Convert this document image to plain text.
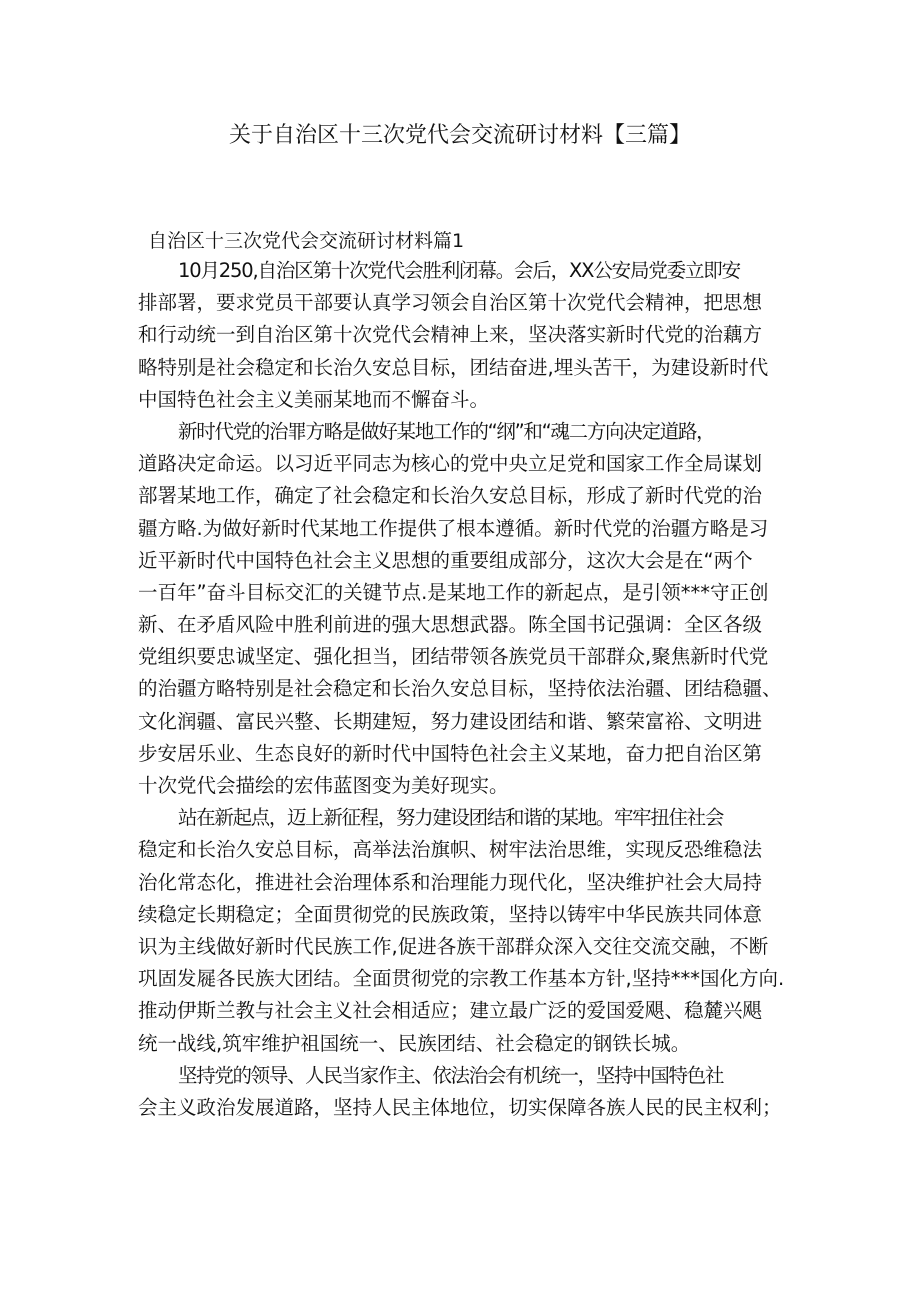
关于自治区十三次党代会交流研讨材料【三篇】
自治区十三次党代会交流研讨材料篇1
10月250,自治区第十次党代会胜利闭幕。会后，XX公安局党委立即安
排部署，要求党员干部要认真学习领会自治区第十次党代会精神，把思想
和行动统一到自治区第十次党代会精神上来，坚决落实新时代党的治藕方
略特别是社会稳定和长治久安总目标，团结奋进,埋头苦干，为建设新时代
中国特色社会主义美丽某地而不懈奋斗。
新时代党的治罪方略是做好某地工作的“纲”和“魂二方向决定道路，
道路决定命运。以习近平同志为核心的党中央立足党和国家工作全局谋划
部署某地工作，确定了社会稳定和长治久安总目标，形成了新时代党的治
疆方略.为做好新时代某地工作提供了根本遵循。新时代党的治疆方略是习
近平新时代中国特色社会主义思想的重要组成部分，这次大会是在“两个
一百年”奋斗目标交汇的关键节点.是某地工作的新起点，是引领***守正创
新、在矛盾风险中胜利前进的强大思想武器。陈全国书记强调：全区各级
党组织要忠诚坚定、强化担当，团结带领各族党员干部群众,聚焦新时代党
的治疆方略特别是社会稳定和长治久安总目标，坚持依法治疆、团结稳疆、
文化润疆、富民兴整、长期建短，努力建设团结和谐、繁荣富裕、文明进
步安居乐业、生态良好的新时代中国特色社会主义某地，奋力把自治区第
十次党代会描绘的宏伟蓝图变为美好现实。
站在新起点，迈上新征程，努力建设团结和谐的某地。牢牢扭住社会
稳定和长治久安总目标，高举法治旗帜、树牢法治思维，实现反恐维稳法
治化常态化，推进社会治理体系和治理能力现代化，坚决维护社会大局持
续稳定长期稳定；全面贯彻党的民族政策，坚持以铸牢中华民族共同体意
识为主线做好新时代民族工作,促进各族干部群众深入交往交流交融，不断
巩固发屣各民族大团结。全面贯彻党的宗教工作基本方针,坚持***国化方向.
推动伊斯兰教与社会主义社会相适应；建立最广泛的爱国爱飓、稳麓兴飓
统一战线,筑牢维护祖国统一、民族团结、社会稳定的钢铁长城。
坚持党的领导、人民当家作主、依法治会有机统一，坚持中国特色社
会主义政治发展道路，坚持人民主体地位，切实保障各族人民的民主权利；
